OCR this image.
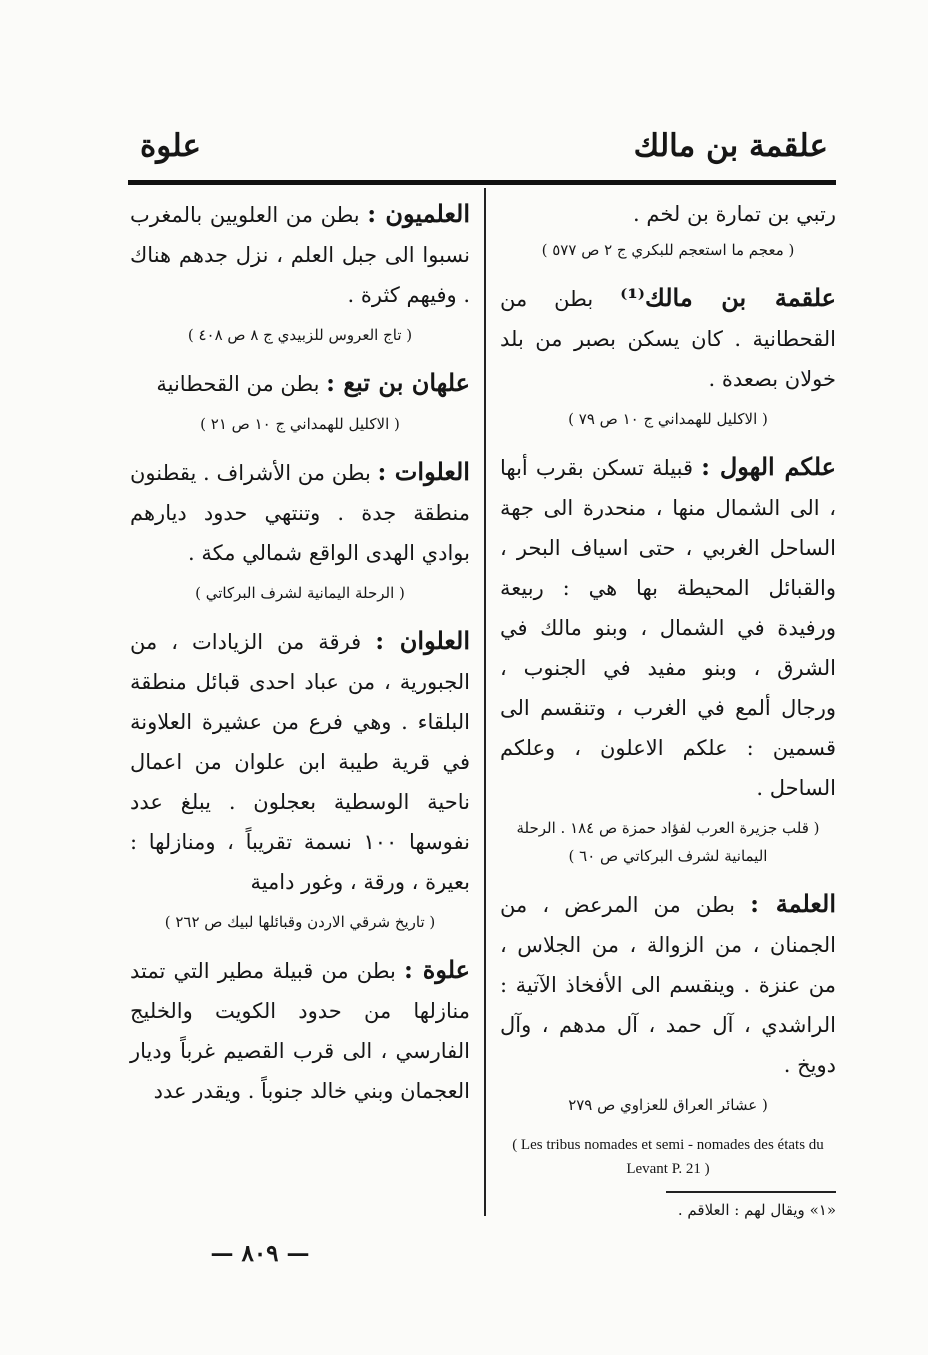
علقمة بن مالك
علوة

رتبي بن تمارة بن لخم .

( معجم ما استعجم للبكري ج ٢ ص ٥٧٧ )

علقمة بن مالك⁽¹⁾ بطن من القحطانية . كان يسكن بصبر من بلد خولان بصعدة .

( الاكليل للهمداني ج ١٠ ص ٧٩ )

علكم الهول : قبيلة تسكن بقرب أبها ، الى الشمال منها ، منحدرة الى جهة الساحل الغربي ، حتى اسياف البحر ، والقبائل المحيطة بها هي : ربيعة ورفيدة في الشمال ، وبنو مالك في الشرق ، وبنو مفيد في الجنوب ، ورجال ألمع في الغرب ، وتنقسم الى قسمين : علكم الاعلون ، وعلكم الساحل .

( قلب جزيرة العرب لفؤاد حمزة ص ١٨٤ . الرحلة اليمانية لشرف البركاتي ص ٦٠ )

العلمة : بطن من المرعض ، من الجمنان ، من الزوالة ، من الجلاس ، من عنزة . وينقسم الى الأفخاذ الآتية : الراشدي ، آل حمد ، آل مدهم ، وآل دويخ .

( عشائر العراق للعزاوي ص ٢٧٩

( Les tribus nomades et semi - nomades des états du Levant P. 21 )

«١» ويقال لهم : العلاقم .

العلميون : بطن من العلويين بالمغرب نسبوا الى جبل العلم ، نزل جدهم هناك . وفيهم كثرة .

( تاج العروس للزبيدي ج ٨ ص ٤٠٨ )

علهان بن تبع : بطن من القحطانية

( الاكليل للهمداني ج ١٠ ص ٢١ )

العلوات : بطن من الأشراف . يقطنون منطقة جدة . وتنتهي حدود ديارهم بوادي الهدى الواقع شمالي مكة .

( الرحلة اليمانية لشرف البركاتي )

العلوان : فرقة من الزيادات ، من الجبورية ، من عباد احدى قبائل منطقة البلقاء . وهي فرع من عشيرة العلاونة في قرية طيبة ابن علوان من اعمال ناحية الوسطية بعجلون . يبلغ عدد نفوسها ١٠٠ نسمة تقريباً ، ومنازلها : بعيرة ، ورقة ، وغور دامية

( تاريخ شرقي الاردن وقبائلها لبيك ص ٢٦٢ )

علوة : بطن من قبيلة مطير التي تمتد منازلها من حدود الكويت والخليج الفارسي ، الى قرب القصيم غرباً وديار العجمان وبني خالد جنوباً . ويقدر عدد

— ٨٠٩ —
